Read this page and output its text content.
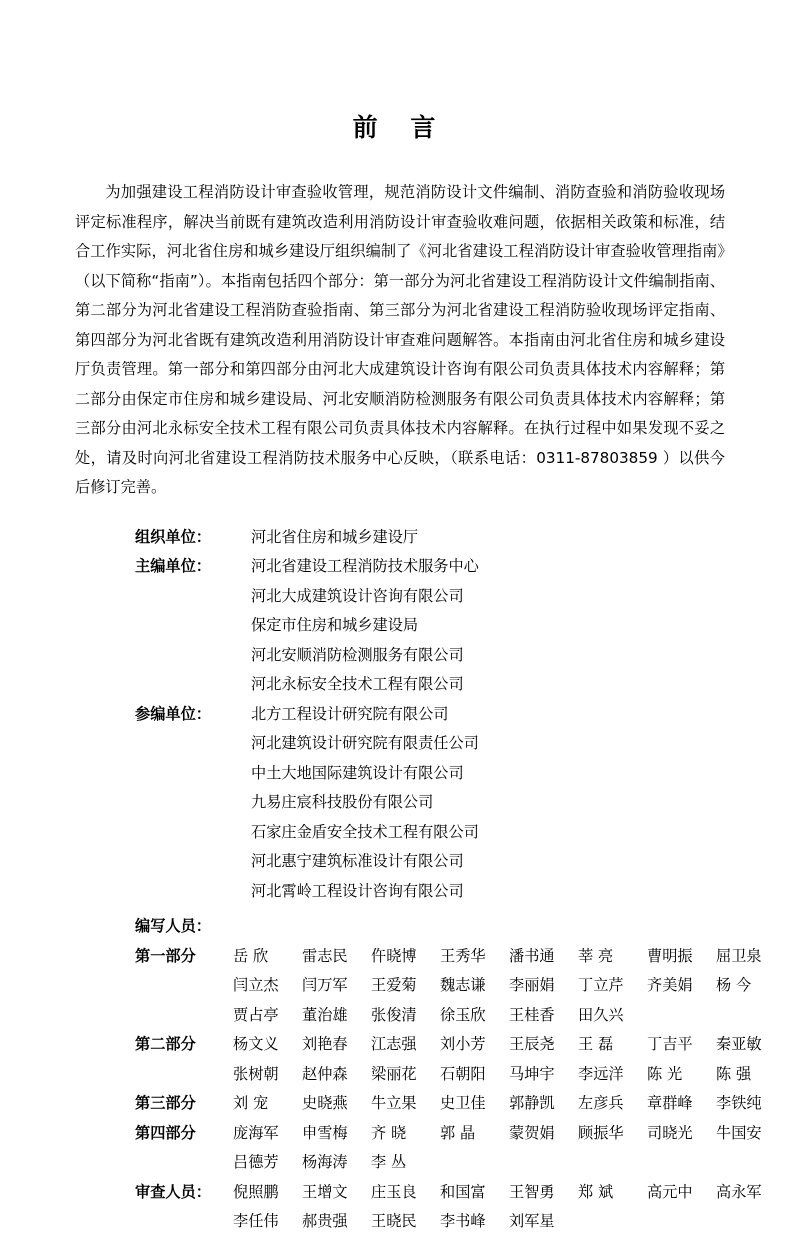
前 言
为加强建设工程消防设计审查验收管理，规范消防设计文件编制、消防查验和消防验收现场评定标准程序，解决当前既有建筑改造利用消防设计审查验收难问题，依据相关政策和标准，结合工作实际，河北省住房和城乡建设厅组织编制了《河北省建设工程消防设计审查验收管理指南》（以下简称“指南”）。本指南包括四个部分：第一部分为河北省建设工程消防设计文件编制指南、第二部分为河北省建设工程消防查验指南、第三部分为河北省建设工程消防验收现场评定指南、第四部分为河北省既有建筑改造利用消防设计审查难问题解答。本指南由河北省住房和城乡建设厅负责管理。第一部分和第四部分由河北大成建筑设计咨询有限公司负责具体技术内容解释；第二部分由保定市住房和城乡建设局、河北安顺消防检测服务有限公司负责具体技术内容解释；第三部分由河北永标安全技术工程有限公司负责具体技术内容解释。在执行过程中如果发现不妥之处，请及时向河北省建设工程消防技术服务中心反映，（联系电话：0311-87803859 ）以供今后修订完善。
组织单位：	河北省住房和城乡建设厅
主编单位：	河北省建设工程消防技术服务中心
河北大成建筑设计咨询有限公司
保定市住房和城乡建设局
河北安顺消防检测服务有限公司
河北永标安全技术工程有限公司
参编单位：	北方工程设计研究院有限公司
河北建筑设计研究院有限责任公司
中土大地国际建筑设计有限公司
九易庄宸科技股份有限公司
石家庄金盾安全技术工程有限公司
河北惠宁建筑标准设计有限公司
河北霄岭工程设计咨询有限公司
编写人员：
第一部分	岳 欣	雷志民	仵晓博	王秀华	潘书通	莘 亮	曹明振	屈卫泉
闫立杰	闫万军	王爱菊	魏志谦	李丽娟	丁立芹	齐美娟	杨 今
贾占亭	董治雄	张俊清	徐玉欣	王桂香	田久兴
第二部分	杨文义	刘艳春	江志强	刘小芳	王辰尧	王 磊	丁吉平	秦亚敏
张树朝	赵仲森	梁丽花	石朝阳	马坤宇	李远洋	陈 光	陈 强
第三部分	刘 宠	史晓燕	牛立果	史卫佳	郭静凯	左彦兵	章群峰	李铁纯
第四部分	庞海军	申雪梅	齐 晓	郭 晶	蒙贺娟	顾振华	司晓光	牛国安
吕德芳	杨海涛	李 丛
审查人员：	倪照鹏	王增文	庄玉良	和国富	王智勇	郑 斌	高元中	高永军
李任伟	郝贵强	王晓民	李书峰	刘军星
